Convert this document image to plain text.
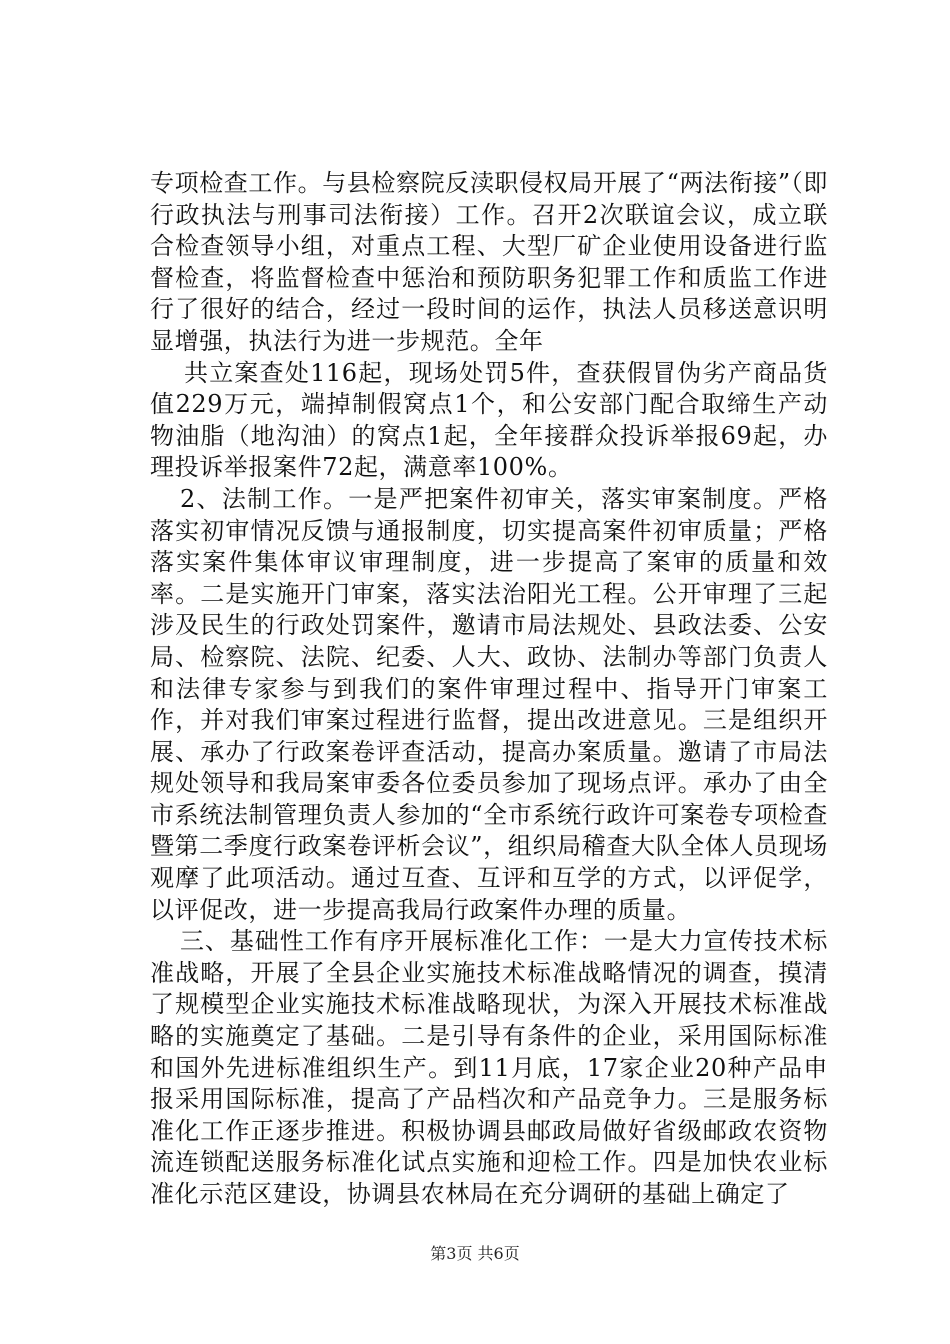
专项检查工作。与县检察院反渎职侵权局开展了“两法衔接”（即行政执法与刑事司法衔接）工作。召开2次联谊会议，成立联合检查领导小组，对重点工程、大型厂矿企业使用设备进行监督检查，将监督检查中惩治和预防职务犯罪工作和质监工作进行了很好的结合，经过一段时间的运作，执法人员移送意识明显增强，执法行为进一步规范。全年

共立案查处116起，现场处罚5件，查获假冒伪劣产商品货值229万元，端掉制假窝点1个，和公安部门配合取缔生产动物油脂（地沟油）的窝点1起，全年接群众投诉举报69起，办理投诉举报案件72起，满意率100%。

2、法制工作。一是严把案件初审关，落实审案制度。严格落实初审情况反馈与通报制度，切实提高案件初审质量；严格落实案件集体审议审理制度，进一步提高了案审的质量和效率。二是实施开门审案，落实法治阳光工程。公开审理了三起涉及民生的行政处罚案件，邀请市局法规处、县政法委、公安局、检察院、法院、纪委、人大、政协、法制办等部门负责人和法律专家参与到我们的案件审理过程中、指导开门审案工作，并对我们审案过程进行监督，提出改进意见。三是组织开展、承办了行政案卷评查活动，提高办案质量。邀请了市局法规处领导和我局案审委各位委员参加了现场点评。承办了由全市系统法制管理负责人参加的“全市系统行政许可案卷专项检查暨第二季度行政案卷评析会议”，组织局稽查大队全体人员现场观摩了此项活动。通过互查、互评和互学的方式，以评促学，以评促改，进一步提高我局行政案件办理的质量。

三、基础性工作有序开展标准化工作：一是大力宣传技术标准战略，开展了全县企业实施技术标准战略情况的调查，摸清了规模型企业实施技术标准战略现状，为深入开展技术标准战略的实施奠定了基础。二是引导有条件的企业，采用国际标准和国外先进标准组织生产。到11月底，17家企业20种产品申报采用国际标准，提高了产品档次和产品竞争力。三是服务标准化工作正逐步推进。积极协调县邮政局做好省级邮政农资物流连锁配送服务标准化试点实施和迎检工作。四是加快农业标准化示范区建设，协调县农林局在充分调研的基础上确定了

第3页 共6页
